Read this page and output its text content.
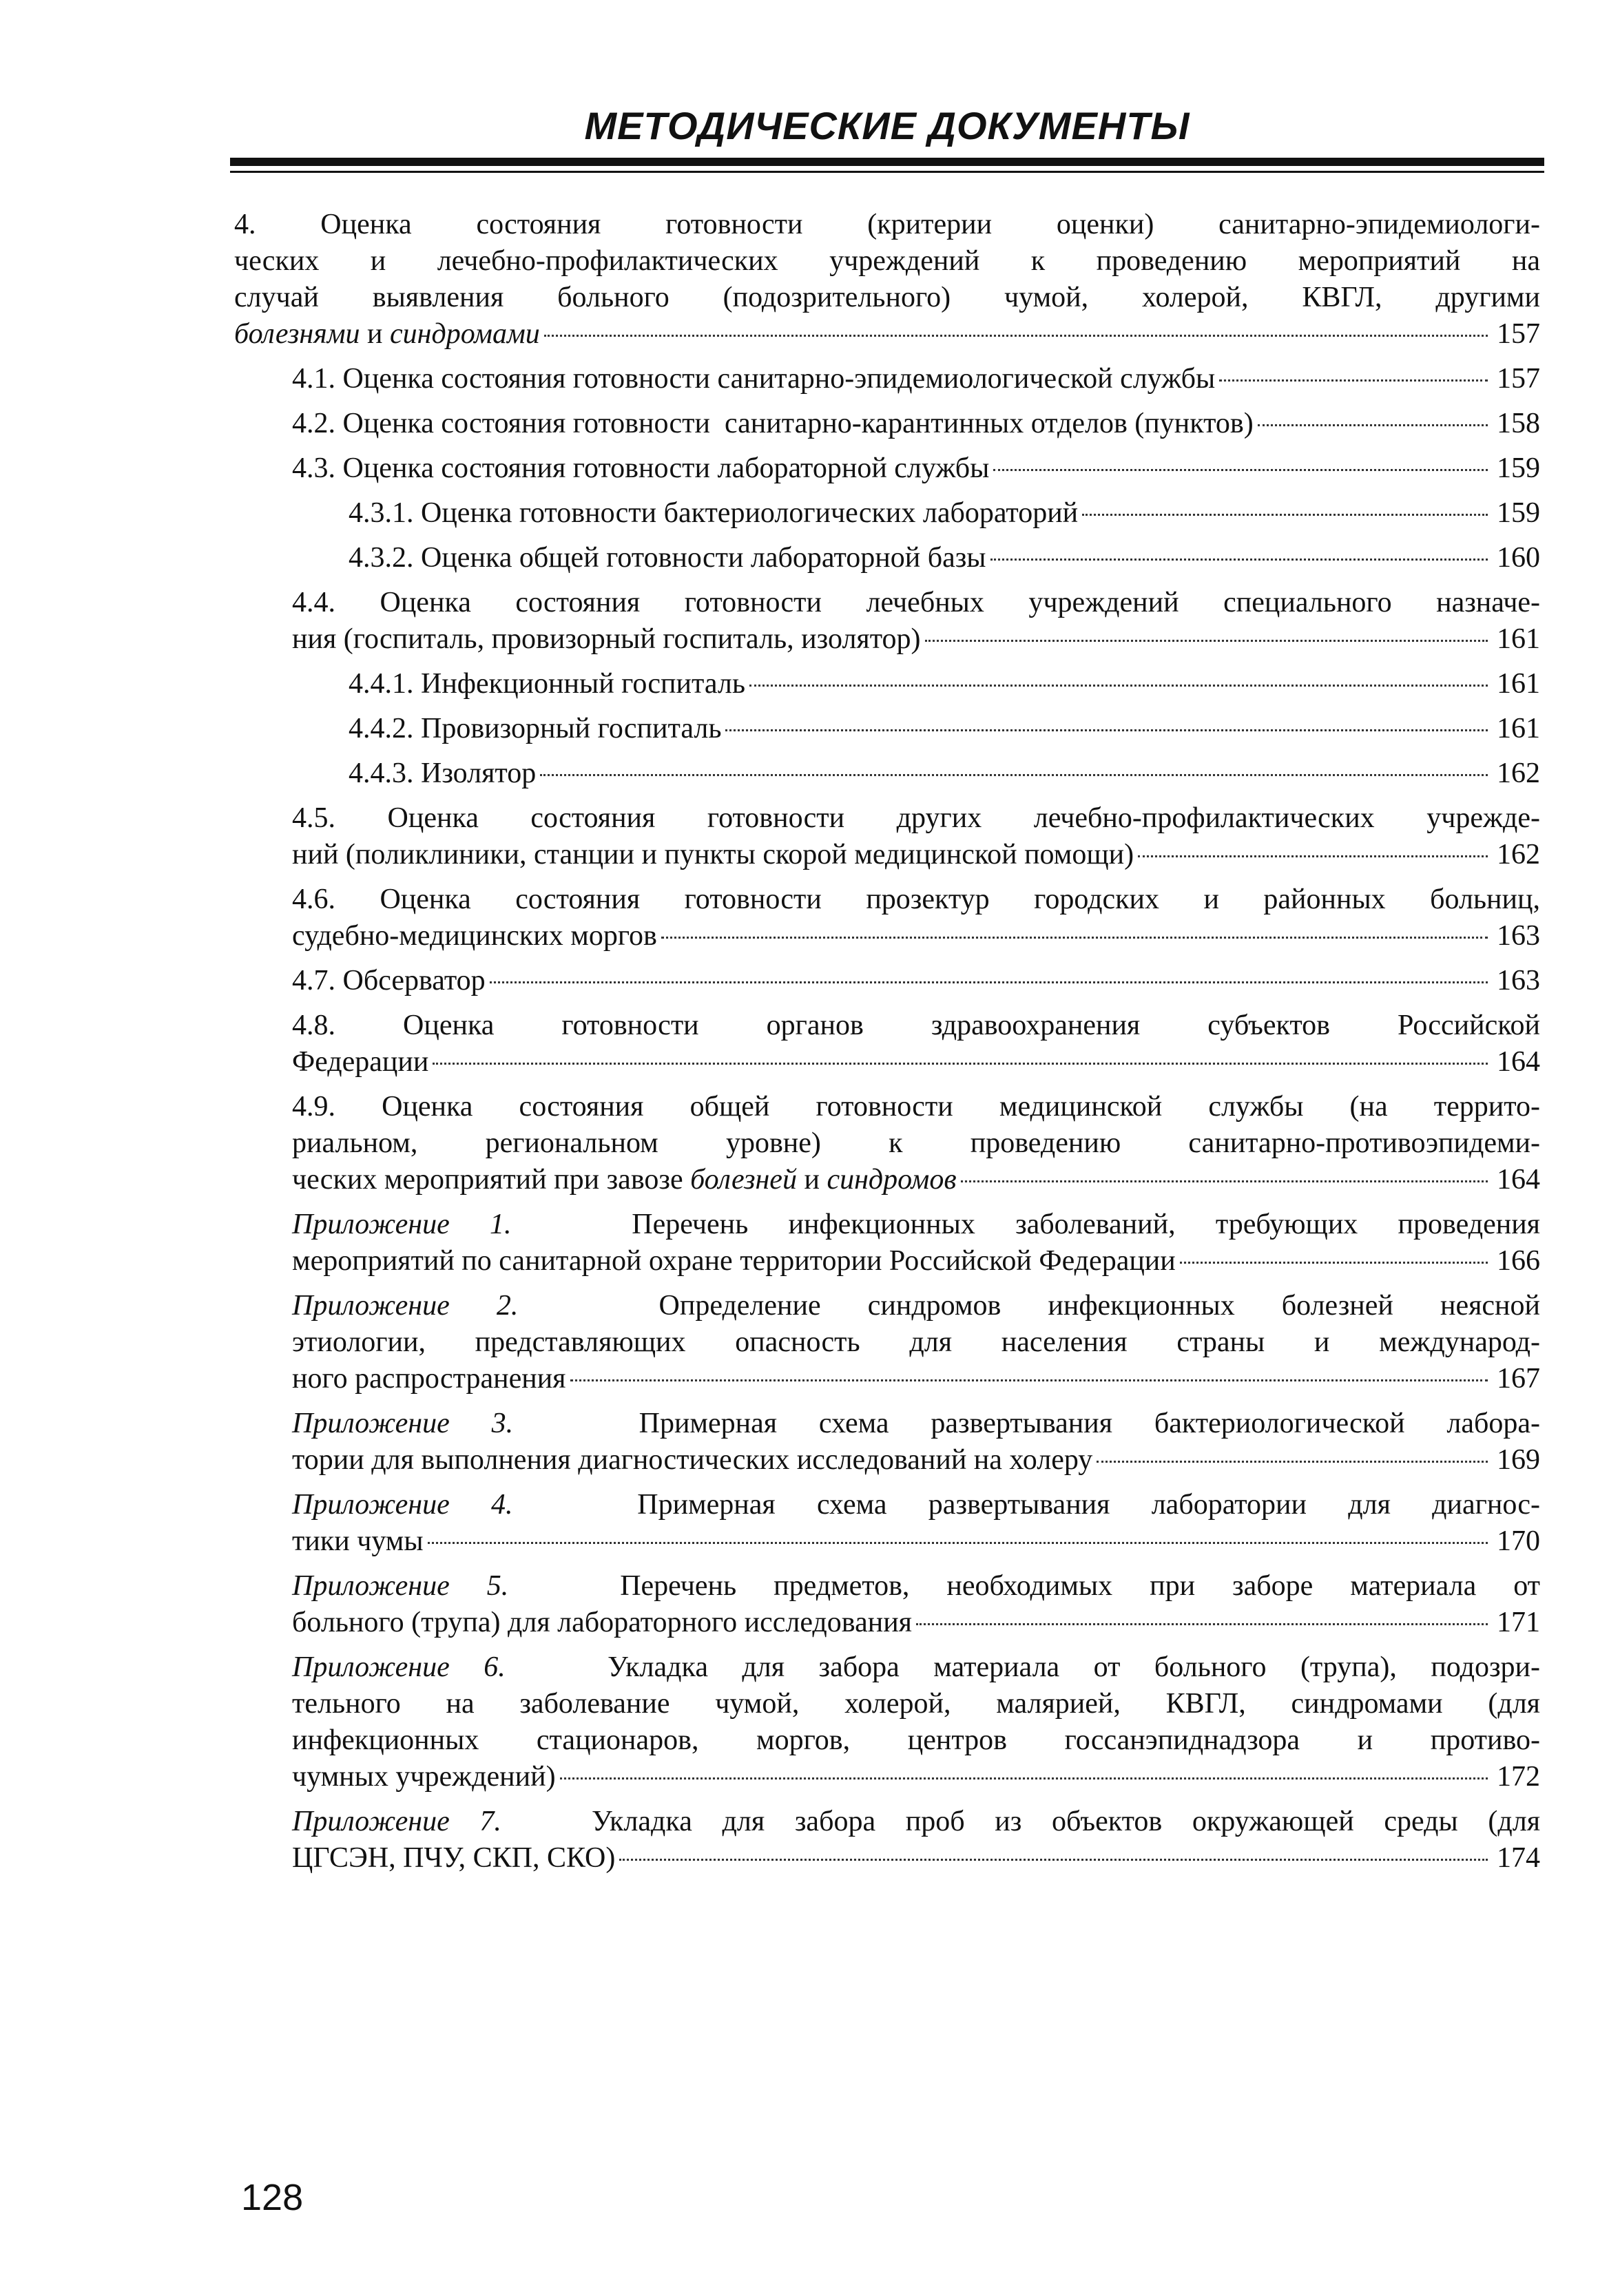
МЕТОДИЧЕСКИЕ ДОКУМЕНТЫ
4. Оценка состояния готовности (критерии оценки) санитарно-эпидемиологи-
ческих и лечебно-профилактических учреждений к проведению мероприятий на
случай выявления больного (подозрительного) чумой, холерой, КВГЛ, другими
болезнями и синдромами	157
4.1. Оценка состояния готовности санитарно-эпидемиологической службы	157
4.2. Оценка состояния готовности  санитарно-карантинных отделов (пунктов)	158
4.3. Оценка состояния готовности лабораторной службы	159
4.3.1. Оценка готовности бактериологических лабораторий	159
4.3.2. Оценка общей готовности лабораторной базы	160
4.4. Оценка состояния готовности лечебных учреждений специального назначе-
ния (госпиталь, провизорный госпиталь, изолятор)	161
4.4.1. Инфекционный госпиталь	161
4.4.2. Провизорный госпиталь	161
4.4.3. Изолятор	162
4.5. Оценка состояния готовности других лечебно-профилактических учрежде-
ний (поликлиники, станции и пункты скорой медицинской помощи)	162
4.6. Оценка состояния готовности прозектур городских и районных больниц,
судебно-медицинских моргов	163
4.7. Обсерватор	163
4.8. Оценка готовности органов здравоохранения субъектов Российской
Федерации	164
4.9. Оценка состояния общей готовности медицинской службы (на террито-
риальном, региональном уровне) к проведению санитарно-противоэпидеми-
ческих мероприятий при завозе болезней и синдромов	164
Приложение 1.	Перечень инфекционных заболеваний, требующих проведения
мероприятий по санитарной охране территории Российской Федерации	166
Приложение 2.	Определение синдромов инфекционных болезней неясной
этиологии, представляющих опасность для населения страны и международ-
ного распространения	167
Приложение 3.	Примерная схема развертывания бактериологической лабора-
тории для выполнения диагностических исследований на холеру	169
Приложение 4.	Примерная схема развертывания лаборатории для диагнос-
тики чумы	170
Приложение 5.	Перечень предметов, необходимых при заборе материала от
больного (трупа) для лабораторного исследования	171
Приложение 6.	Укладка для забора материала от больного (трупа), подозри-
тельного на заболевание чумой, холерой, малярией, КВГЛ, синдромами (для
инфекционных стационаров, моргов, центров госсанэпиднадзора и противо-
чумных учреждений)	172
Приложение 7.	Укладка для забора проб из объектов окружающей среды (для
ЦГСЭН, ПЧУ, СКП, СКО)	174
128
